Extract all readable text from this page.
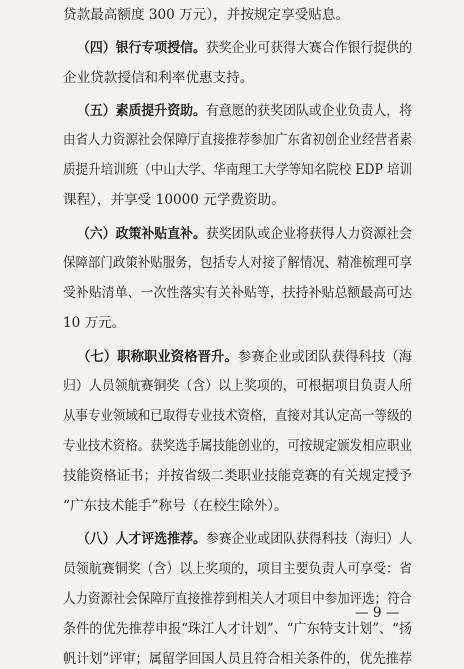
贷款最高额度 300 万元），并按规定享受贴息。
（四）银行专项授信。获奖企业可获得大赛合作银行提供的
企业贷款授信和利率优惠支持。
（五）素质提升资助。有意愿的获奖团队或企业负责人，将
由省人力资源社会保障厅直接推荐参加广东省初创企业经营者素
质提升培训班（中山大学、华南理工大学等知名院校 EDP 培训
课程），并享受 10000 元学费资助。
（六）政策补贴直补。获奖团队或企业将获得人力资源社会
保障部门政策补贴服务，包括专人对接了解情况、精准梳理可享
受补贴清单、一次性落实有关补贴等，扶持补贴总额最高可达
10 万元。
（七）职称职业资格晋升。参赛企业或团队获得科技（海
归）人员领航赛铜奖（含）以上奖项的，可根据项目负责人所
从事专业领域和已取得专业技术资格，直接对其认定高一等级的
专业技术资格。获奖选手属技能创业的，可按规定颁发相应职业
技能资格证书；并按省级二类职业技能竞赛的有关规定授予
“广东技术能手”称号（在校生除外）。
（八）人才评选推荐。参赛企业或团队获得科技（海归）人
员领航赛铜奖（含）以上奖项的，项目主要负责人可享受：省
人力资源社会保障厅直接推荐到相关人才项目中参加评选；符合
条件的优先推荐申报“珠江人才计划”、“广东特支计划”、“扬
帆计划”评审；属留学回国人员且符合相关条件的，优先推荐
— 9 —
